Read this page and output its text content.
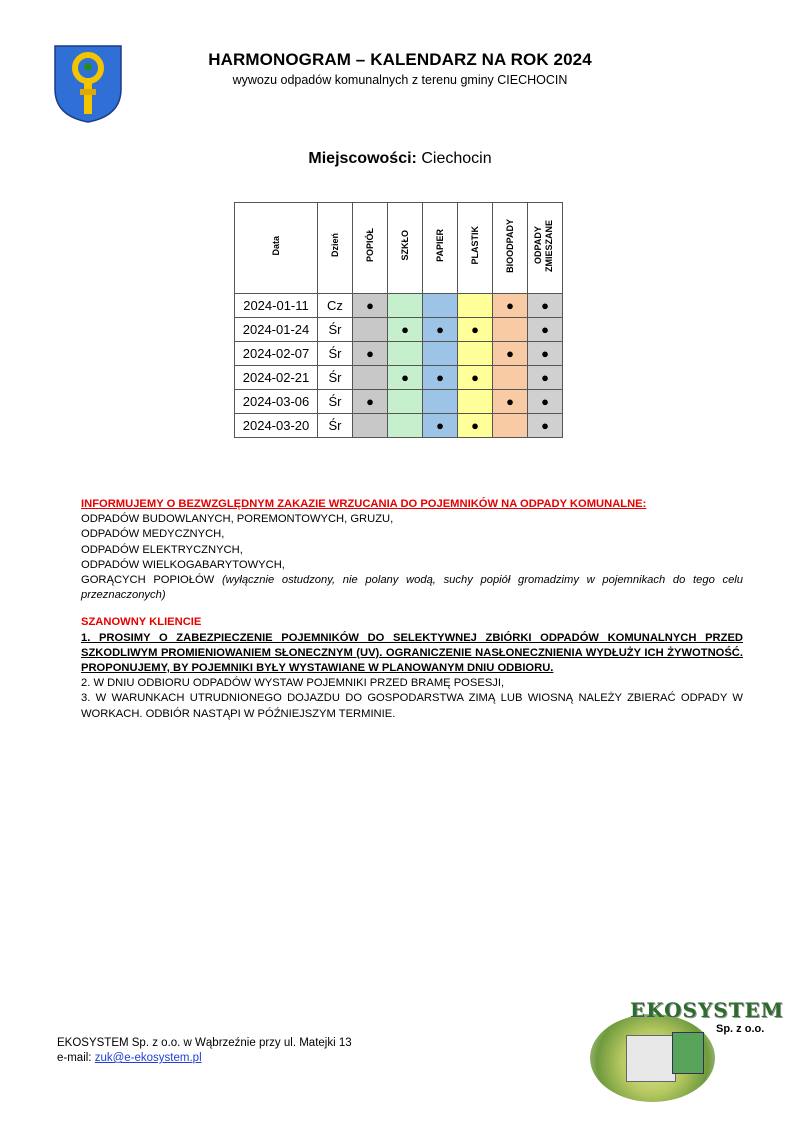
HARMONOGRAM – KALENDARZ NA ROK 2024
wywozu odpadów komunalnych z terenu gminy CIECHOCIN
Miejscowości: Ciechocin
Data	Dzień	POPIÓŁ	SZKŁO	PAPIER	PLASTIK	BIOODPADY	ODPADY ZMIESZANE
2024-01-11	Cz	●				●	●
2024-01-24	Śr		●	●	●		●
2024-02-07	Śr	●				●	●
2024-02-21	Śr		●	●	●		●
2024-03-06	Śr	●				●	●
2024-03-20	Śr			●	●		●
INFORMUJEMY O BEZWZGLĘDNYM ZAKAZIE WRZUCANIA DO POJEMNIKÓW NA ODPADY KOMUNALNE:
ODPADÓW BUDOWLANYCH, POREMONTOWYCH, GRUZU,
ODPADÓW MEDYCZNYCH,
ODPADÓW ELEKTRYCZNYCH,
ODPADÓW WIELKOGABARYTOWYCH,
GORĄCYCH POPIOŁÓW (wyłącznie ostudzony, nie polany wodą, suchy popiół gromadzimy w pojemnikach do tego celu przeznaczonych)
SZANOWNY KLIENCIE
1. PROSIMY O ZABEZPIECZENIE POJEMNIKÓW DO SELEKTYWNEJ ZBIÓRKI ODPADÓW KOMUNALNYCH PRZED SZKODLIWYM PROMIENIOWANIEM SŁONECZNYM (UV). OGRANICZENIE NASŁONECZNIENIA WYDŁUŻY ICH ŻYWOTNOŚĆ. PROPONUJEMY, BY POJEMNIKI BYŁY WYSTAWIANE W PLANOWANYM DNIU ODBIORU.
2. W DNIU ODBIORU ODPADÓW WYSTAW POJEMNIKI PRZED BRAMĘ POSESJI,
3. W WARUNKACH UTRUDNIONEGO DOJAZDU DO GOSPODARSTWA ZIMĄ LUB WIOSNĄ NALEŻY ZBIERAĆ ODPADY W WORKACH. ODBIÓR NASTĄPI W PÓŹNIEJSZYM TERMINIE.
EKOSYSTEM Sp. z o.o. w Wąbrzeźnie przy ul. Matejki 13
e-mail: zuk@e-ekosystem.pl
EKOSYSTEM
Sp. z o.o.
